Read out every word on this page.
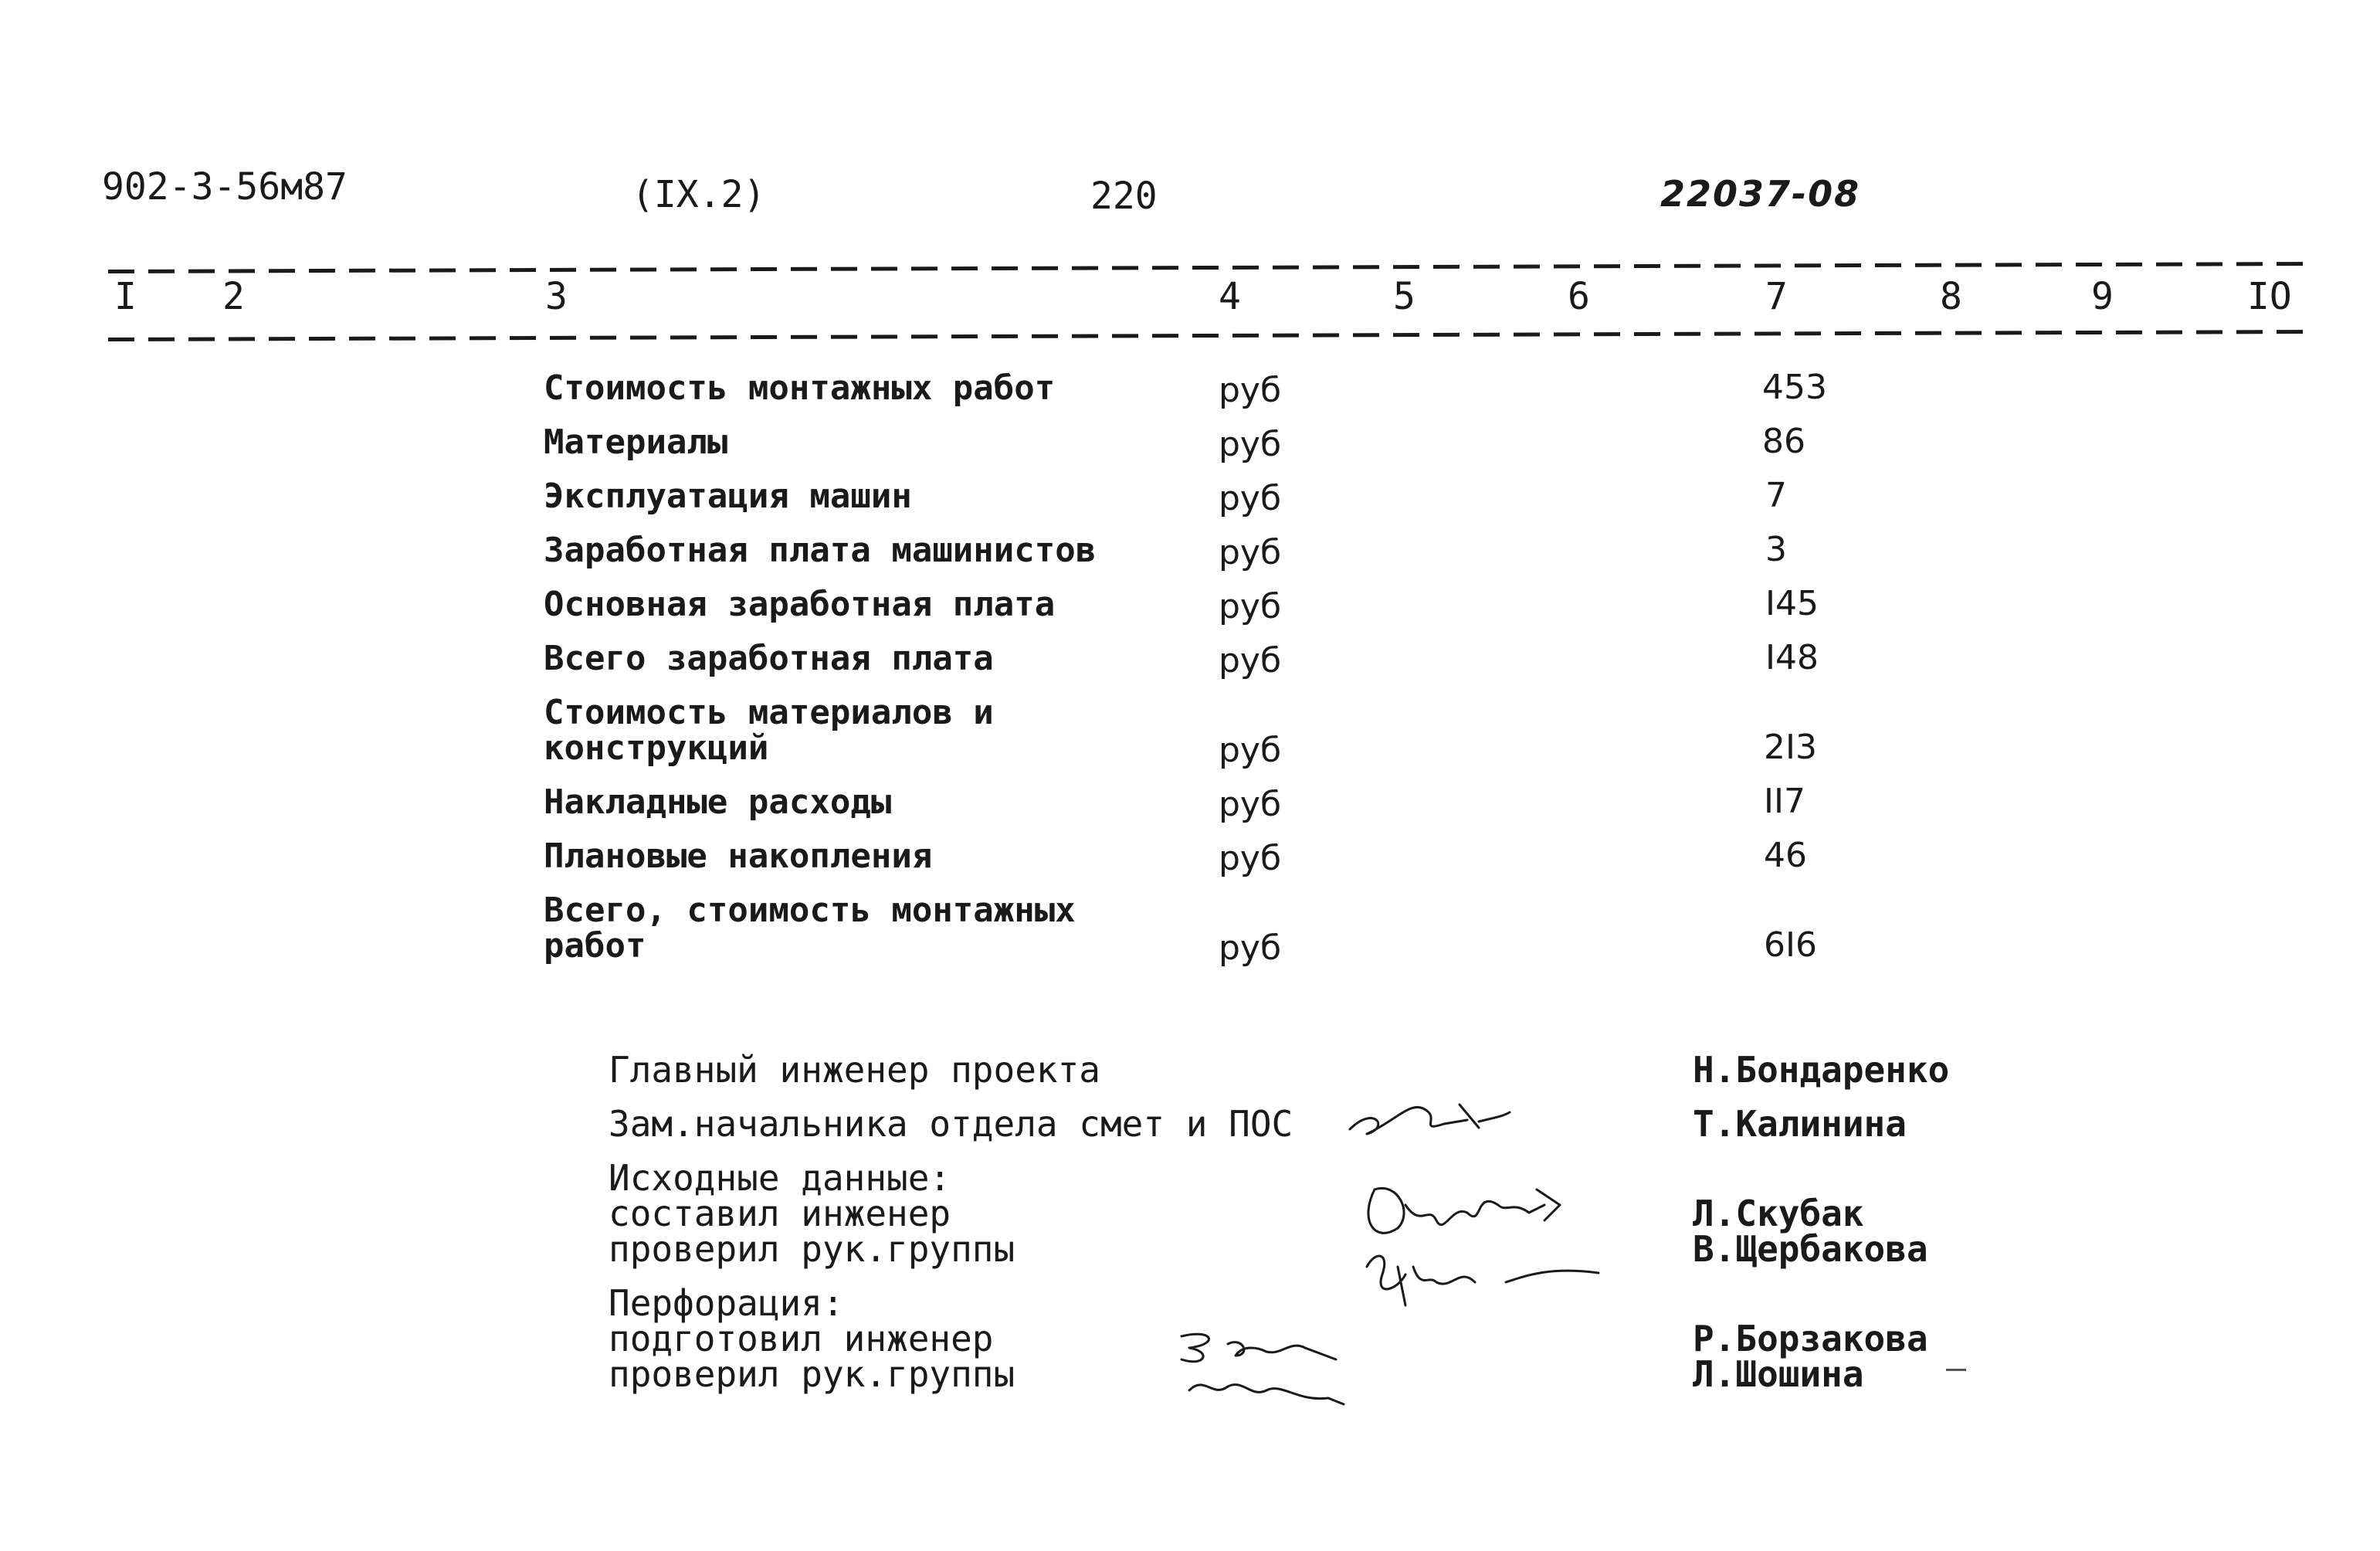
902-3-56м87	(IX.2)	220	22037-08
I 2	3	4	5	6	7	8	9	IO
Стоимость монтажных работ	руб	453
Материалы	руб	86
Эксплуатация машин	руб	7
Заработная плата машинистов	руб	3
Основная заработная плата	руб	I45
Всего заработная плата	руб	I48
Стоимость материалов и
конструкций	руб	2I3
Накладные расходы	руб	II7
Плановые накопления	руб	46
Всего, стоимость монтажных
работ	руб	6I6
Главный инженер проекта	Н.Бондаренко
Зам.начальника отдела смет и ПОС	Т.Калинина
Исходные данные:
составил инженер	Л.Скубак
проверил рук.группы	В.Щербакова
Перфорация:
подготовил инженер	Р.Борзакова
проверил рук.группы	Л.Шошина
